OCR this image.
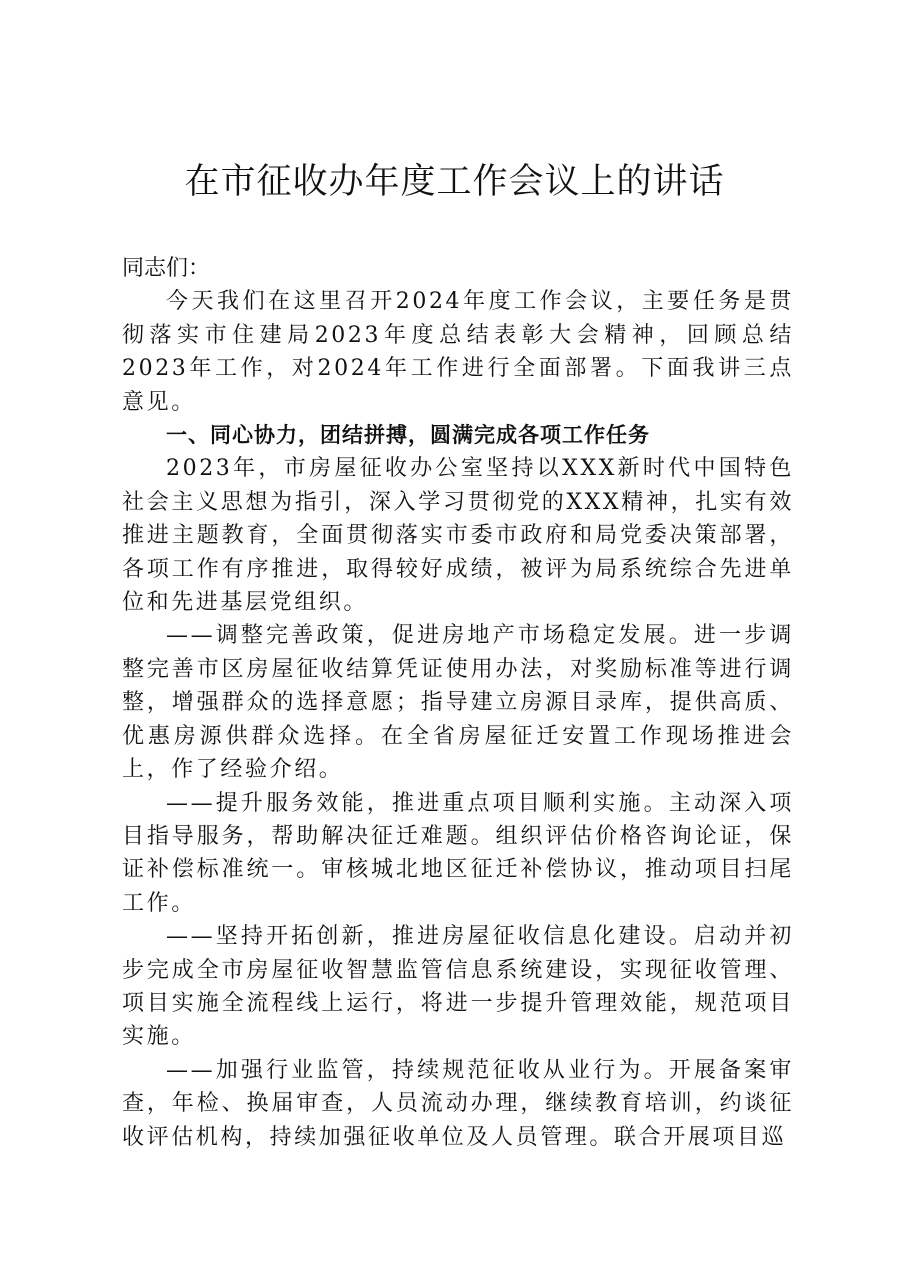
在市征收办年度工作会议上的讲话

同志们：

今天我们在这里召开2024年度工作会议，主要任务是贯彻落实市住建局2023年度总结表彰大会精神，回顾总结2023年工作，对2024年工作进行全面部署。下面我讲三点意见。

一、同心协力，团结拼搏，圆满完成各项工作任务

2023年，市房屋征收办公室坚持以XXX新时代中国特色社会主义思想为指引，深入学习贯彻党的XXX精神，扎实有效推进主题教育，全面贯彻落实市委市政府和局党委决策部署，各项工作有序推进，取得较好成绩，被评为局系统综合先进单位和先进基层党组织。

——调整完善政策，促进房地产市场稳定发展。进一步调整完善市区房屋征收结算凭证使用办法，对奖励标准等进行调整，增强群众的选择意愿；指导建立房源目录库，提供高质、优惠房源供群众选择。在全省房屋征迁安置工作现场推进会上，作了经验介绍。

——提升服务效能，推进重点项目顺利实施。主动深入项目指导服务，帮助解决征迁难题。组织评估价格咨询论证，保证补偿标准统一。审核城北地区征迁补偿协议，推动项目扫尾工作。

——坚持开拓创新，推进房屋征收信息化建设。启动并初步完成全市房屋征收智慧监管信息系统建设，实现征收管理、项目实施全流程线上运行，将进一步提升管理效能，规范项目实施。

——加强行业监管，持续规范征收从业行为。开展备案审查，年检、换届审查，人员流动办理，继续教育培训，约谈征收评估机构，持续加强征收单位及人员管理。联合开展项目巡
